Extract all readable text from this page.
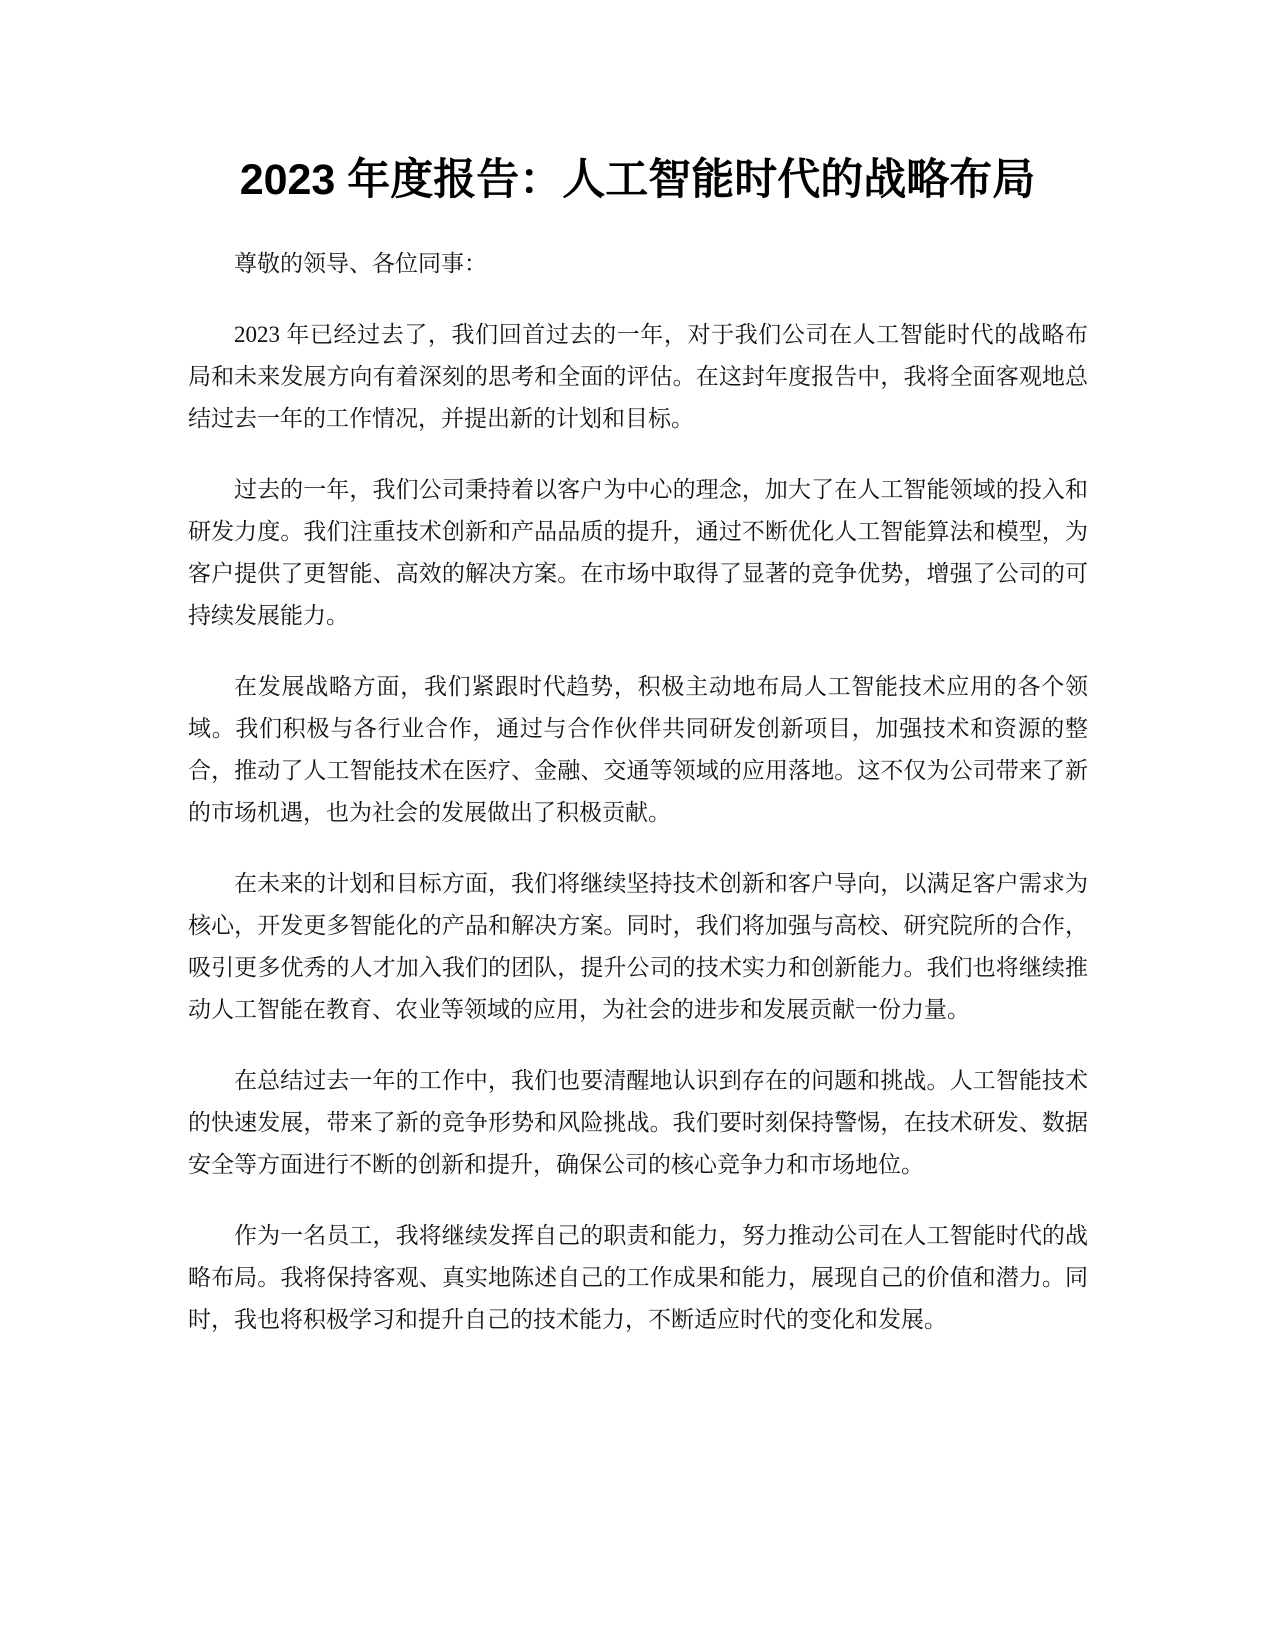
2023 年度报告：人工智能时代的战略布局

尊敬的领导、各位同事：

2023 年已经过去了，我们回首过去的一年，对于我们公司在人工智能时代的战略布局和未来发展方向有着深刻的思考和全面的评估。在这封年度报告中，我将全面客观地总结过去一年的工作情况，并提出新的计划和目标。

过去的一年，我们公司秉持着以客户为中心的理念，加大了在人工智能领域的投入和研发力度。我们注重技术创新和产品品质的提升，通过不断优化人工智能算法和模型，为客户提供了更智能、高效的解决方案。在市场中取得了显著的竞争优势，增强了公司的可持续发展能力。

在发展战略方面，我们紧跟时代趋势，积极主动地布局人工智能技术应用的各个领域。我们积极与各行业合作，通过与合作伙伴共同研发创新项目，加强技术和资源的整合，推动了人工智能技术在医疗、金融、交通等领域的应用落地。这不仅为公司带来了新的市场机遇，也为社会的发展做出了积极贡献。

在未来的计划和目标方面，我们将继续坚持技术创新和客户导向，以满足客户需求为核心，开发更多智能化的产品和解决方案。同时，我们将加强与高校、研究院所的合作，吸引更多优秀的人才加入我们的团队，提升公司的技术实力和创新能力。我们也将继续推动人工智能在教育、农业等领域的应用，为社会的进步和发展贡献一份力量。

在总结过去一年的工作中，我们也要清醒地认识到存在的问题和挑战。人工智能技术的快速发展，带来了新的竞争形势和风险挑战。我们要时刻保持警惕，在技术研发、数据安全等方面进行不断的创新和提升，确保公司的核心竞争力和市场地位。

作为一名员工，我将继续发挥自己的职责和能力，努力推动公司在人工智能时代的战略布局。我将保持客观、真实地陈述自己的工作成果和能力，展现自己的价值和潜力。同时，我也将积极学习和提升自己的技术能力，不断适应时代的变化和发展。
